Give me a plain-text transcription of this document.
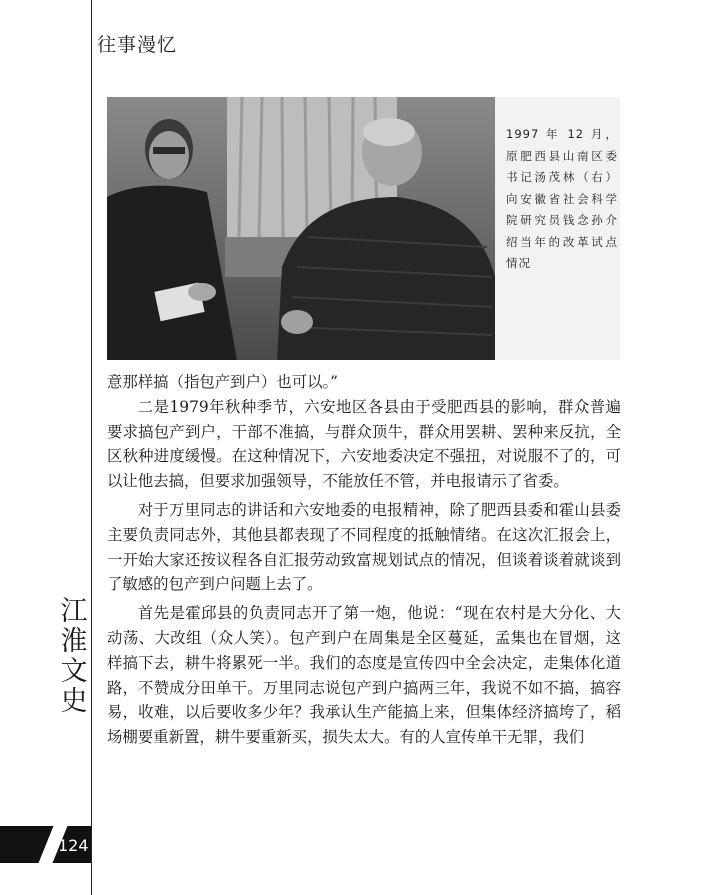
往事漫忆
江
淮
文
史
124
1997 年 12 月，原肥西县山南区委书记汤茂林（右）向安徽省社会科学院研究员钱念孙介绍当年的改革试点情况

意那样搞（指包产到户）也可以。”

二是1979年秋种季节，六安地区各县由于受肥西县的影响，群众普遍要求搞包产到户，干部不准搞，与群众顶牛，群众用罢耕、罢种来反抗，全区秋种进度缓慢。在这种情况下，六安地委决定不强扭，对说服不了的，可以让他去搞，但要求加强领导，不能放任不管，并电报请示了省委。

对于万里同志的讲话和六安地委的电报精神，除了肥西县委和霍山县委主要负责同志外，其他县都表现了不同程度的抵触情绪。在这次汇报会上，一开始大家还按议程各自汇报劳动致富规划试点的情况，但谈着谈着就谈到了敏感的包产到户问题上去了。

首先是霍邱县的负责同志开了第一炮，他说：“现在农村是大分化、大动荡、大改组（众人笑）。包产到户在周集是全区蔓延，孟集也在冒烟，这样搞下去，耕牛将累死一半。我们的态度是宣传四中全会决定，走集体化道路，不赞成分田单干。万里同志说包产到户搞两三年，我说不如不搞，搞容易，收难，以后要收多少年？我承认生产能搞上来，但集体经济搞垮了，稻场棚要重新置，耕牛要重新买，损失太大。有的人宣传单干无罪，我们
